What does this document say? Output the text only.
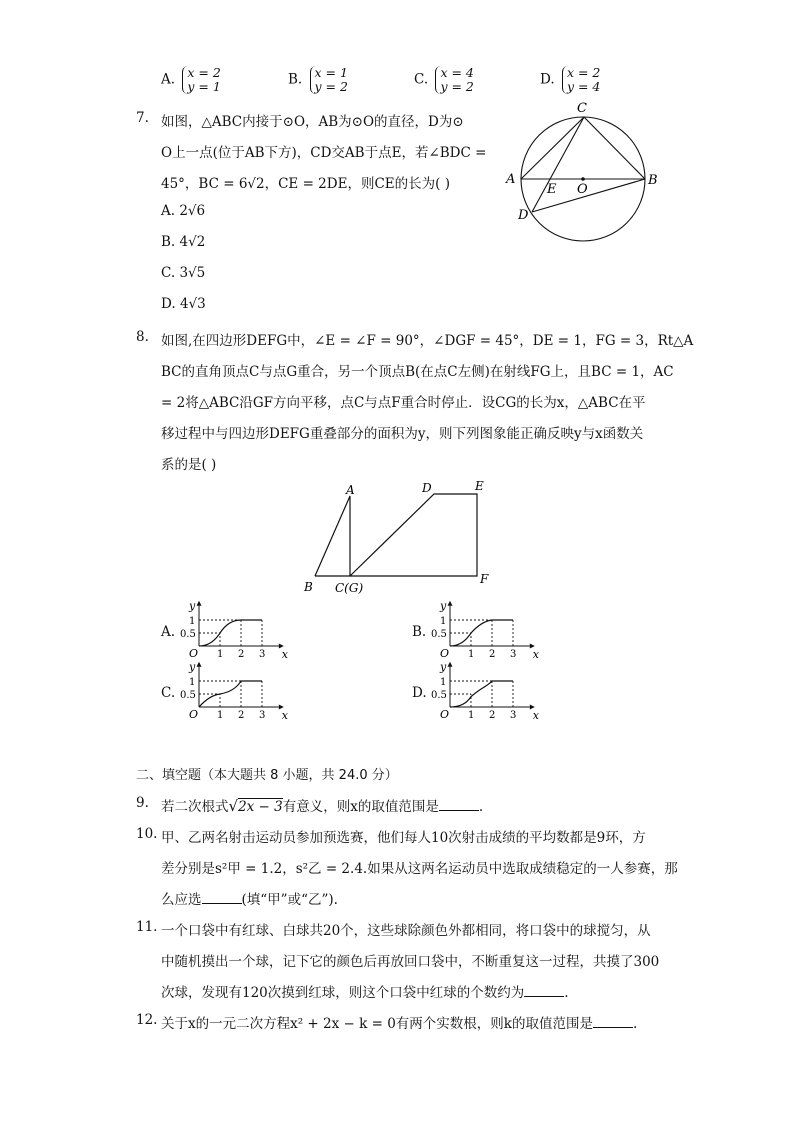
A. x = 2
y = 1	B. x = 1
y = 2	C. x = 4
y = 2	D. x = 2
y = 4
7. 如图，△ABC内接于⊙O，AB为⊙O的直径，D为⊙
O上一点(位于AB下方)，CD交AB于点E，若∠BDC =
45°，BC = 6√2，CE = 2DE，则CE的长为( )
A. 2√6
B. 4√2
C. 3√5
D. 4√3
C
A	B
E O
D
8. 如图,在四边形DEFG中，∠E = ∠F = 90°，∠DGF = 45°，DE = 1，FG = 3，Rt△A
BC的直角顶点C与点G重合，另一个顶点B(在点C左侧)在射线FG上，且BC = 1，AC
= 2将△ABC沿GF方向平移，点C与点F重合时停止．设CG的长为x，△ABC在平
移过程中与四边形DEFG重叠部分的面积为y，则下列图象能正确反映y与x函数关
系的是( )
A	D	E
B C(G)
F
A.	B.
C.	D.
y
x
O
1
0.5
1 2 3
y
x
O
1
0.5
1 2 3
y
x
O
1
0.5
1 2 3
y
x
O
1
0.5
1 2 3
二、填空题（本大题共 8 小题，共 24.0 分）
9. 若二次根式√2x − 3有意义，则x的取值范围是	.
10. 甲、乙两名射击运动员参加预选赛，他们每人10次射击成绩的平均数都是9环，方
差分别是s²甲 = 1.2，s²乙 = 2.4.如果从这两名运动员中选取成绩稳定的一人参赛，那
么应选	(填“甲”或“乙”).
11. 一个口袋中有红球、白球共20个，这些球除颜色外都相同，将口袋中的球搅匀，从
中随机摸出一个球，记下它的颜色后再放回口袋中，不断重复这一过程，共摸了300
次球，发现有120次摸到红球，则这个口袋中红球的个数约为	.
12. 关于x的一元二次方程x² + 2x − k = 0有两个实数根，则k的取值范围是	.
